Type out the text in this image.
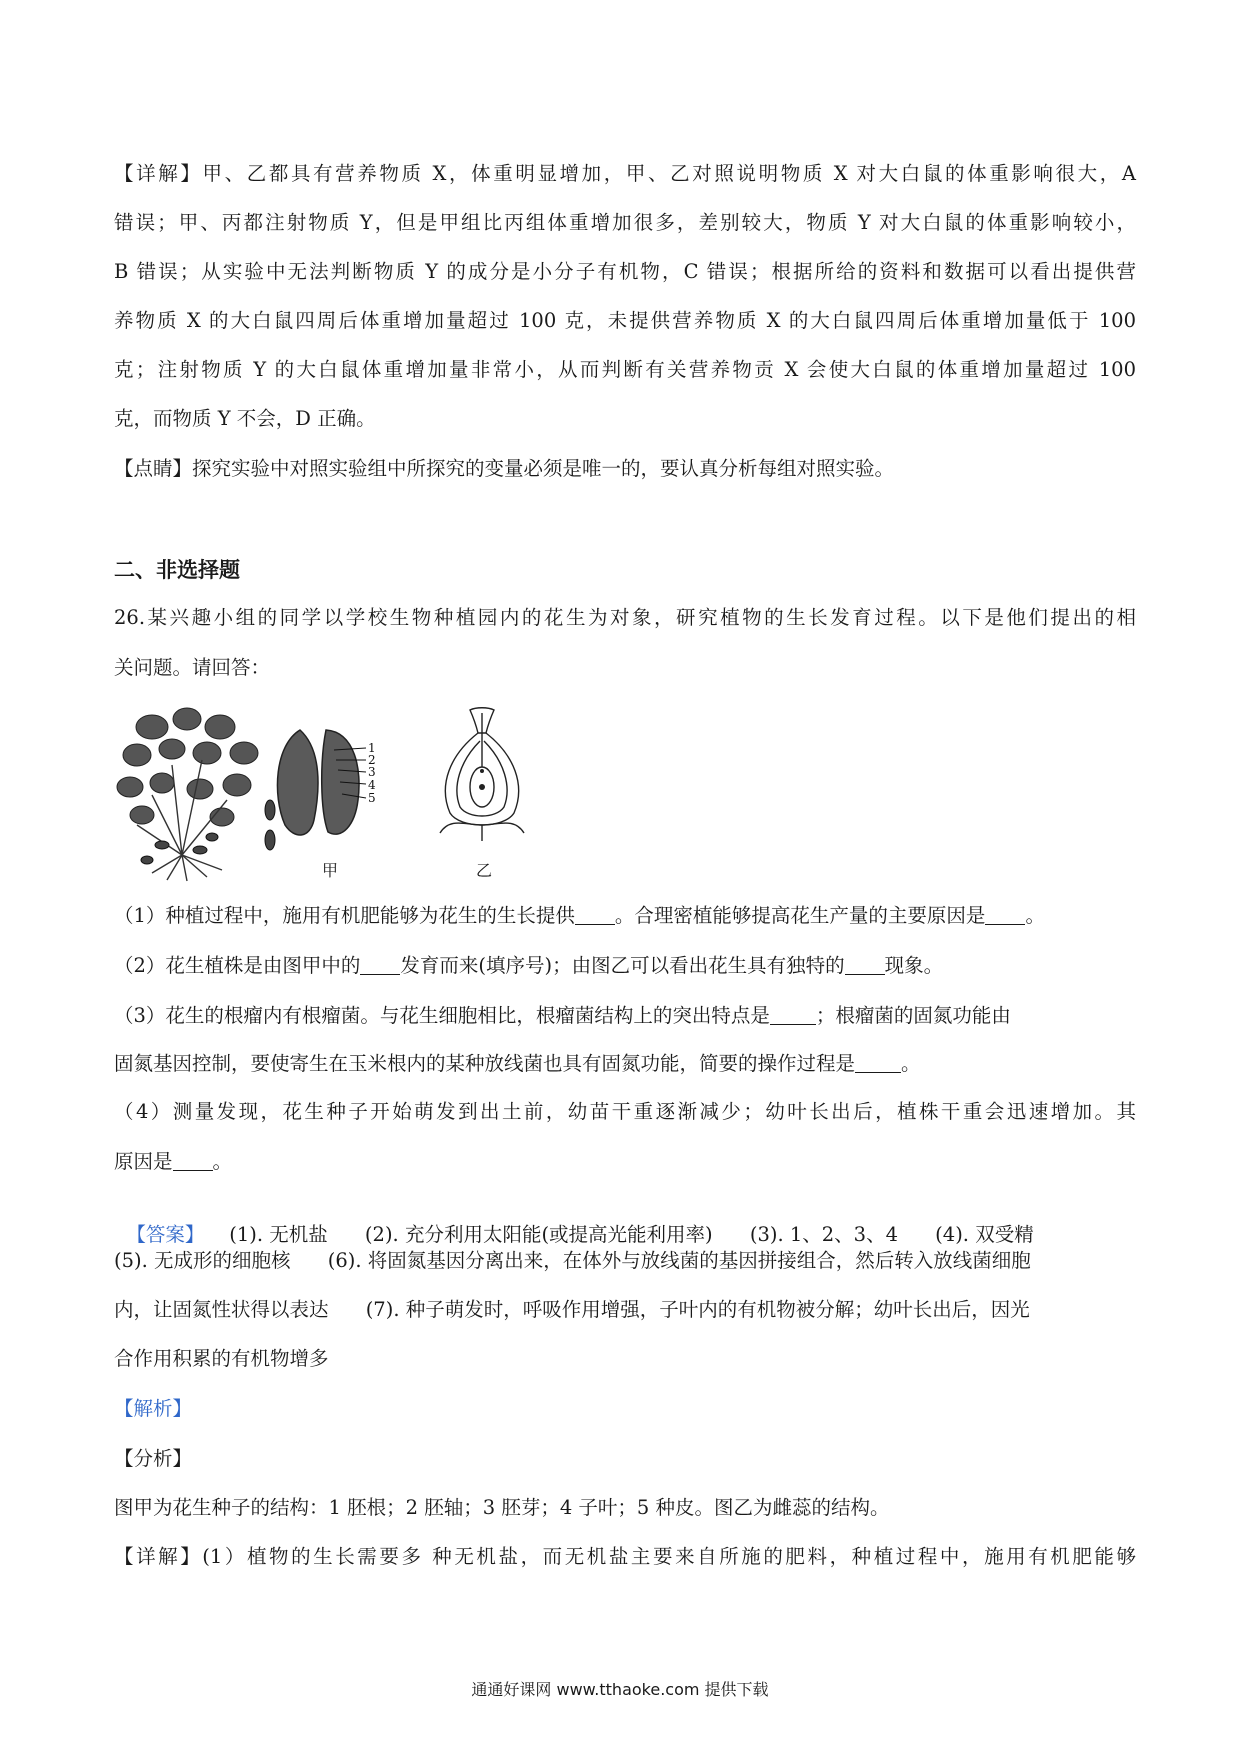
【详解】甲、乙都具有营养物质 X，体重明显增加，甲、乙对照说明物质 X 对大白鼠的体重影响很大，A
错误；甲、丙都注射物质 Y，但是甲组比丙组体重增加很多，差别较大，物质 Y 对大白鼠的体重影响较小，
B 错误；从实验中无法判断物质 Y 的成分是小分子有机物，C 错误；根据所给的资料和数据可以看出提供营
养物质 X 的大白鼠四周后体重增加量超过 100 克，未提供营养物质 X 的大白鼠四周后体重增加量低于 100
克；注射物质 Y 的大白鼠体重增加量非常小，从而判断有关营养物贡 X 会使大白鼠的体重增加量超过 100
克，而物质 Y 不会，D 正确。
【点睛】探究实验中对照实验组中所探究的变量必须是唯一的，要认真分析每组对照实验。
二、非选择题
26.某兴趣小组的同学以学校生物种植园内的花生为对象，研究植物的生长发育过程。以下是他们提出的相
关问题。请回答：
1
2
3
4
5
甲	乙
（1）种植过程中，施用有机肥能够为花生的生长提供 。合理密植能够提高花生产量的主要原因是 。
（2）花生植株是由图甲中的 发育而来(填序号)；由图乙可以看出花生具有独特的 现象。
（3）花生的根瘤内有根瘤菌。与花生细胞相比，根瘤菌结构上的突出特点是 ；根瘤菌的固氮功能由
固氮基因控制，要使寄生在玉米根内的某种放线菌也具有固氮功能，简要的操作过程是 。
（4）测量发现，花生种子开始萌发到出土前，幼苗干重逐渐减少；幼叶长出后，植株干重会迅速增加。其
原因是 。

【答案】    (1). 无机盐      (2). 充分利用太阳能(或提高光能利用率)      (3). 1、2、3、4      (4). 双受精

(5). 无成形的细胞核      (6). 将固氮基因分离出来，在体外与放线菌的基因拼接组合，然后转入放线菌细胞
内，让固氮性状得以表达      (7). 种子萌发时，呼吸作用增强，子叶内的有机物被分解；幼叶长出后，因光
合作用积累的有机物增多
【解析】
【分析】
图甲为花生种子的结构：1 胚根；2 胚轴；3 胚芽；4 子叶；5 种皮。图乙为雌蕊的结构。
【详解】(1）植物的生长需要多 种无机盐，而无机盐主要来自所施的肥料，种植过程中，施用有机肥能够
通通好课网 www.tthaoke.com 提供下载
